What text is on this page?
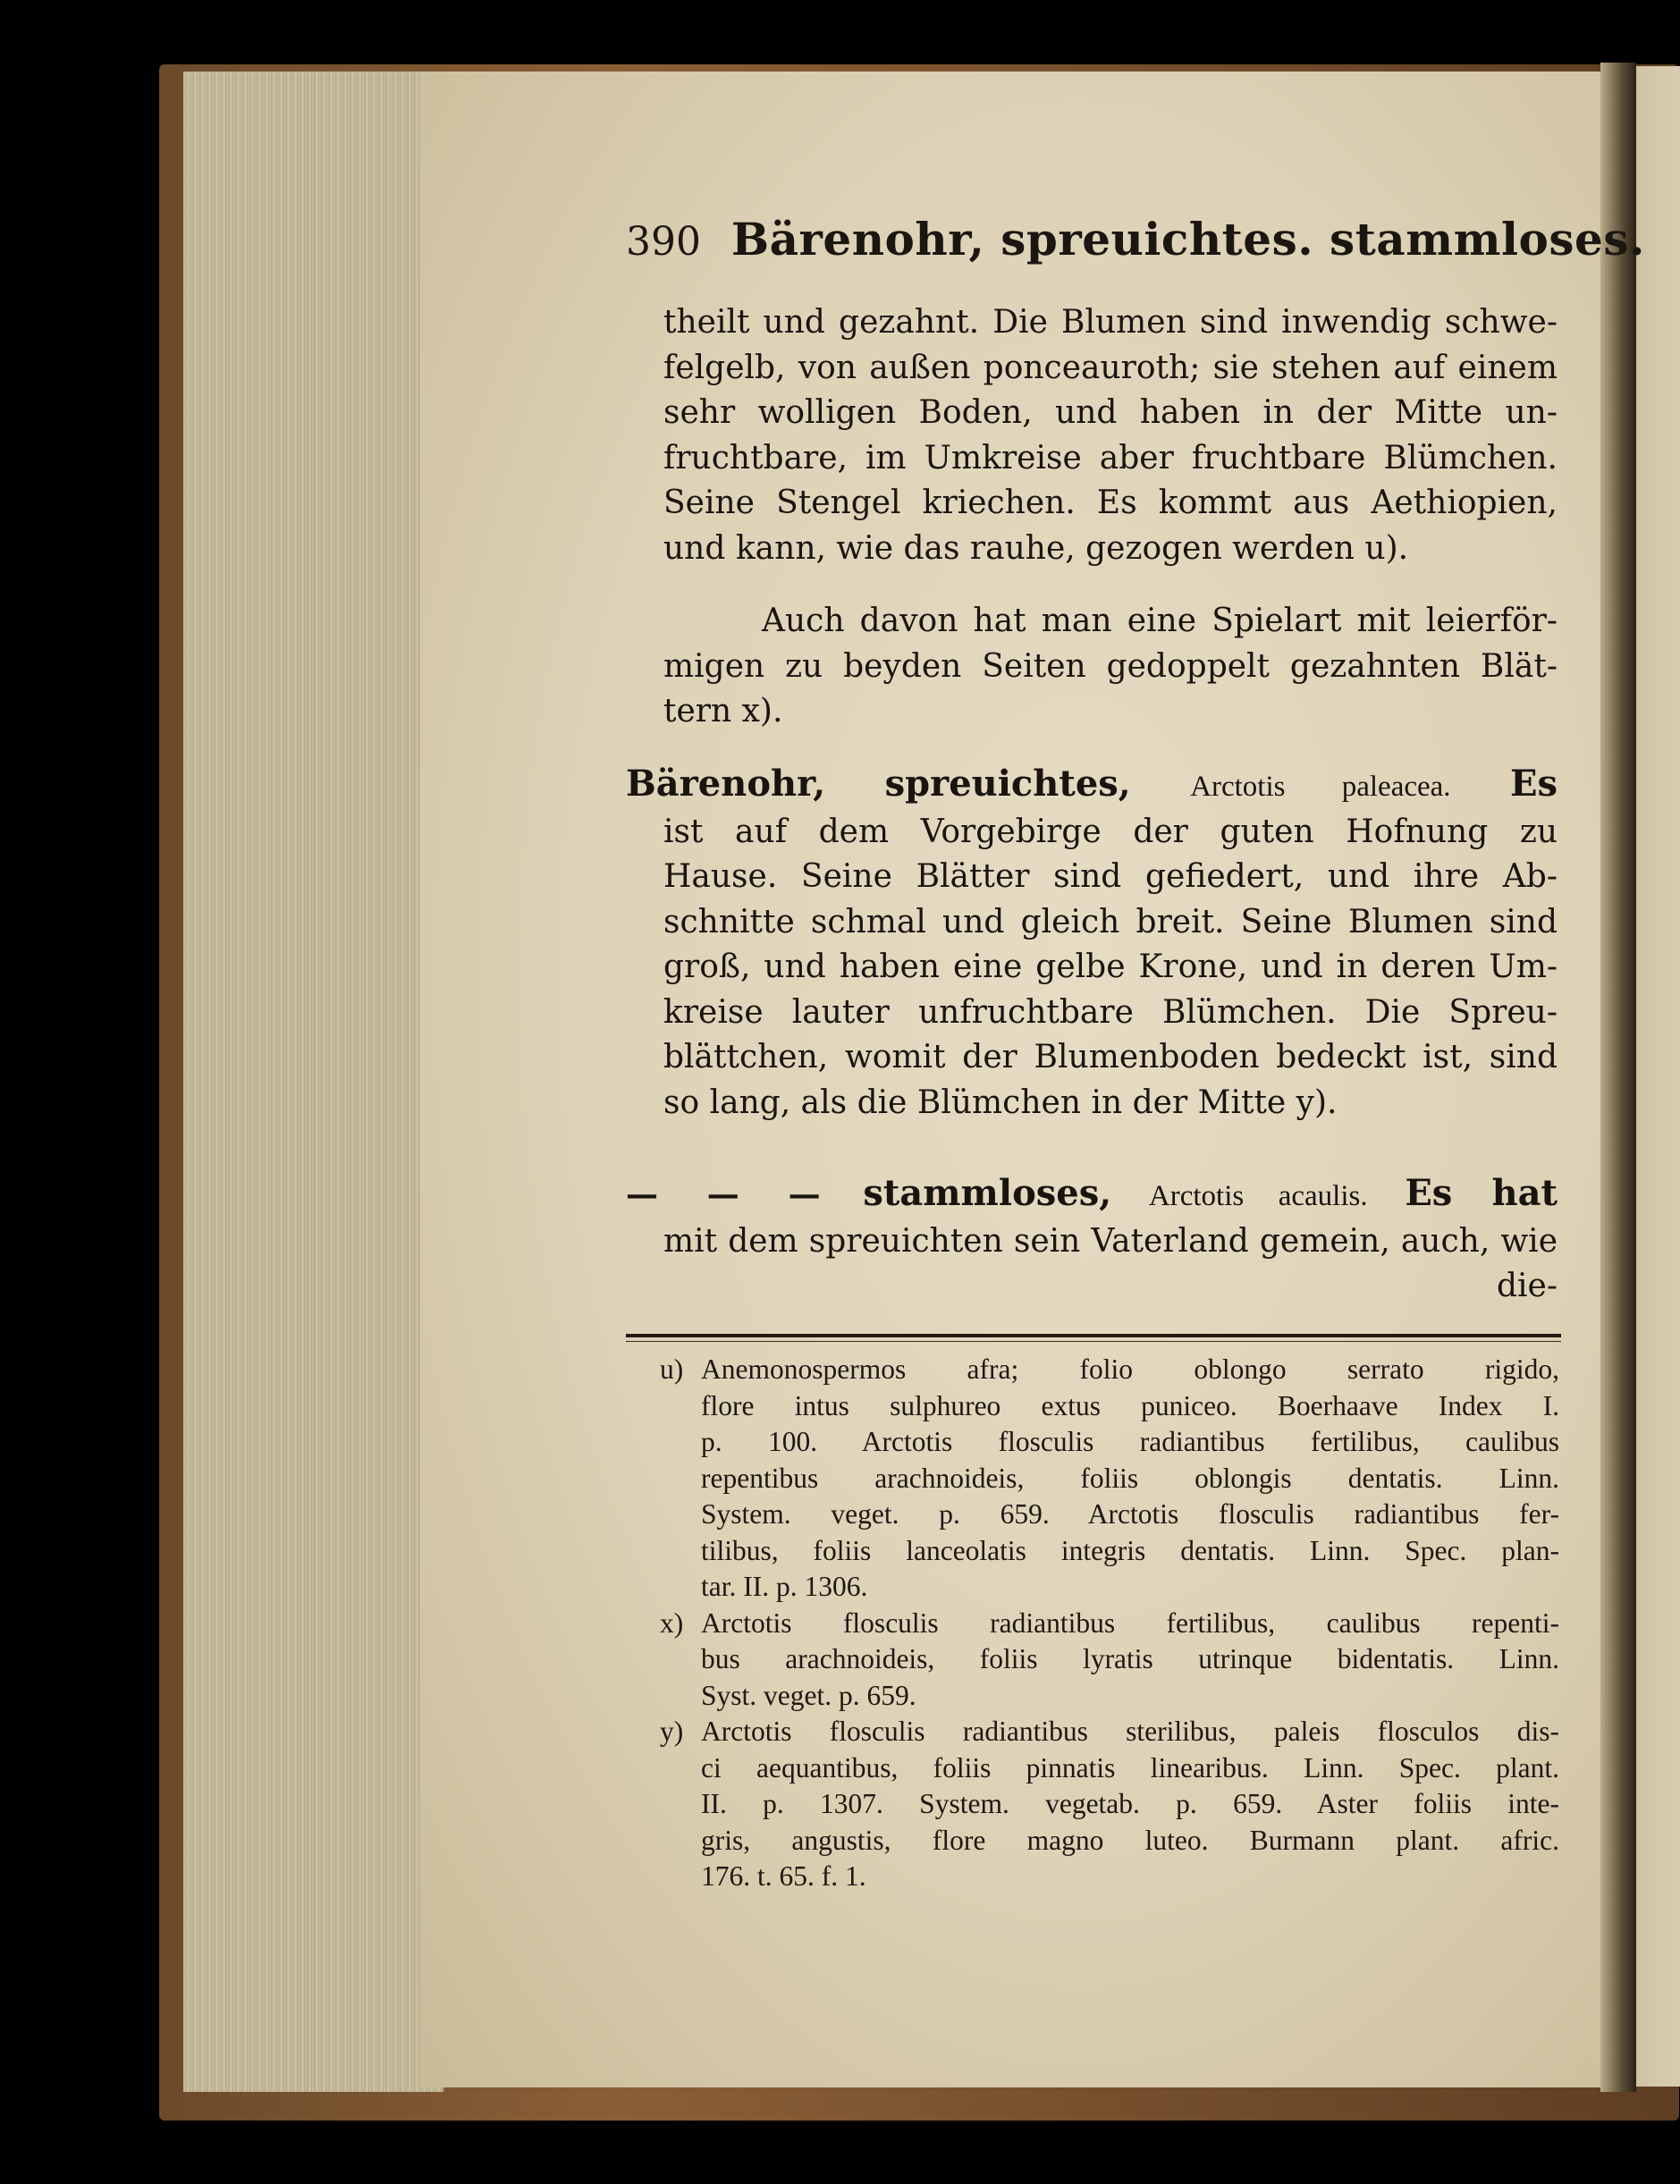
390 Bärenohr, spreuichtes. stammloses.
theilt und gezahnt. Die Blumen sind inwendig schwe-
felgelb, von außen ponceauroth; sie stehen auf einem
sehr wolligen Boden, und haben in der Mitte un-
fruchtbare, im Umkreise aber fruchtbare Blümchen.
Seine Stengel kriechen. Es kommt aus Aethiopien,
und kann, wie das rauhe, gezogen werden u).
Auch davon hat man eine Spielart mit leierför-
migen zu beyden Seiten gedoppelt gezahnten Blät-
tern x).
Bärenohr, spreuichtes, Arctotis paleacea. Es
ist auf dem Vorgebirge der guten Hofnung zu
Hause. Seine Blätter sind gefiedert, und ihre Ab-
schnitte schmal und gleich breit. Seine Blumen sind
groß, und haben eine gelbe Krone, und in deren Um-
kreise lauter unfruchtbare Blümchen. Die Spreu-
blättchen, womit der Blumenboden bedeckt ist, sind
so lang, als die Blümchen in der Mitte y).
— — — stammloses, Arctotis acaulis. Es hat
mit dem spreuichten sein Vaterland gemein, auch, wie
die-
u) Anemonospermos afra; folio oblongo serrato rigido,
flore intus sulphureo extus puniceo. Boerhaave Index I.
p. 100. Arctotis flosculis radiantibus fertilibus, caulibus
repentibus arachnoideis, foliis oblongis dentatis. Linn.
System. veget. p. 659. Arctotis flosculis radiantibus fer-
tilibus, foliis lanceolatis integris dentatis. Linn. Spec. plan-
tar. II. p. 1306.
x) Arctotis flosculis radiantibus fertilibus, caulibus repenti-
bus arachnoideis, foliis lyratis utrinque bidentatis. Linn.
Syst. veget. p. 659.
y) Arctotis flosculis radiantibus sterilibus, paleis flosculos dis-
ci aequantibus, foliis pinnatis linearibus. Linn. Spec. plant.
II. p. 1307. System. vegetab. p. 659. Aster foliis inte-
gris, angustis, flore magno luteo. Burmann plant. afric.
176. t. 65. f. 1.
